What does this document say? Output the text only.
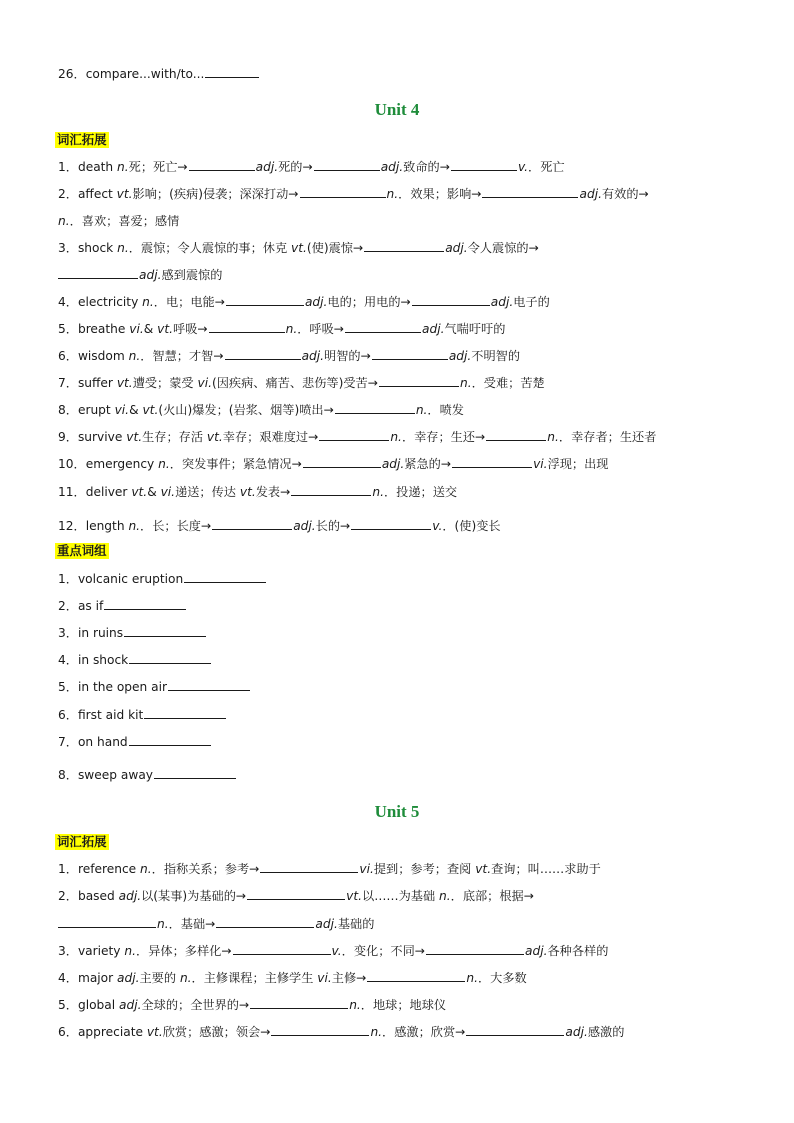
26．compare...with/to...
Unit 4
词汇拓展
1．death n.死；死亡→	adj.死的→	adj.致命的→	v.．死亡
2．affect vt.影响；(疾病)侵袭；深深打动→	n.．效果；影响→	adj.有效的→
n.．喜欢；喜爱；感情
3．shock n.．震惊；令人震惊的事；休克 vt.(使)震惊→	adj.令人震惊的→
adj.感到震惊的
4．electricity n.．电；电能→	adj.电的；用电的→	adj.电子的
5．breathe vi.& vt.呼吸→	n.．呼吸→	adj.气喘吁吁的
6．wisdom n.．智慧；才智→	adj.明智的→	adj.不明智的
7．suffer vt.遭受；蒙受 vi.(因疾病、痛苦、悲伤等)受苦→	n.．受难；苦楚
8．erupt vi.& vt.(火山)爆发；(岩浆、烟等)喷出→	n.．喷发
9．survive vt.生存；存活 vt.幸存；艰难度过→	n.．幸存；生还→	n.．幸存者；生还者
10．emergency n.．突发事件；紧急情况→	adj.紧急的→	vi.浮现；出现
11．deliver vt.& vi.递送；传达 vt.发表→	n.．投递；送交
12．length n.．长；长度→	adj.长的→	v.．(使)变长
重点词组
1．volcanic eruption
2．as if
3．in ruins
4．in shock
5．in the open air
6．first aid kit
7．on hand
8．sweep away
Unit 5
词汇拓展
1．reference n.．指称关系；参考→	vi.提到；参考；查阅 vt.查询；叫……求助于
2．based adj.以(某事)为基础的→	vt.以……为基础 n.．底部；根据→
n.．基础→	adj.基础的
3．variety n.．异体；多样化→	v.．变化；不同→	adj.各种各样的
4．major adj.主要的 n.．主修课程；主修学生 vi.主修→	n.．大多数
5．global adj.全球的；全世界的→	n.．地球；地球仪
6．appreciate vt.欣赏；感激；领会→	n.．感激；欣赏→	adj.感激的
